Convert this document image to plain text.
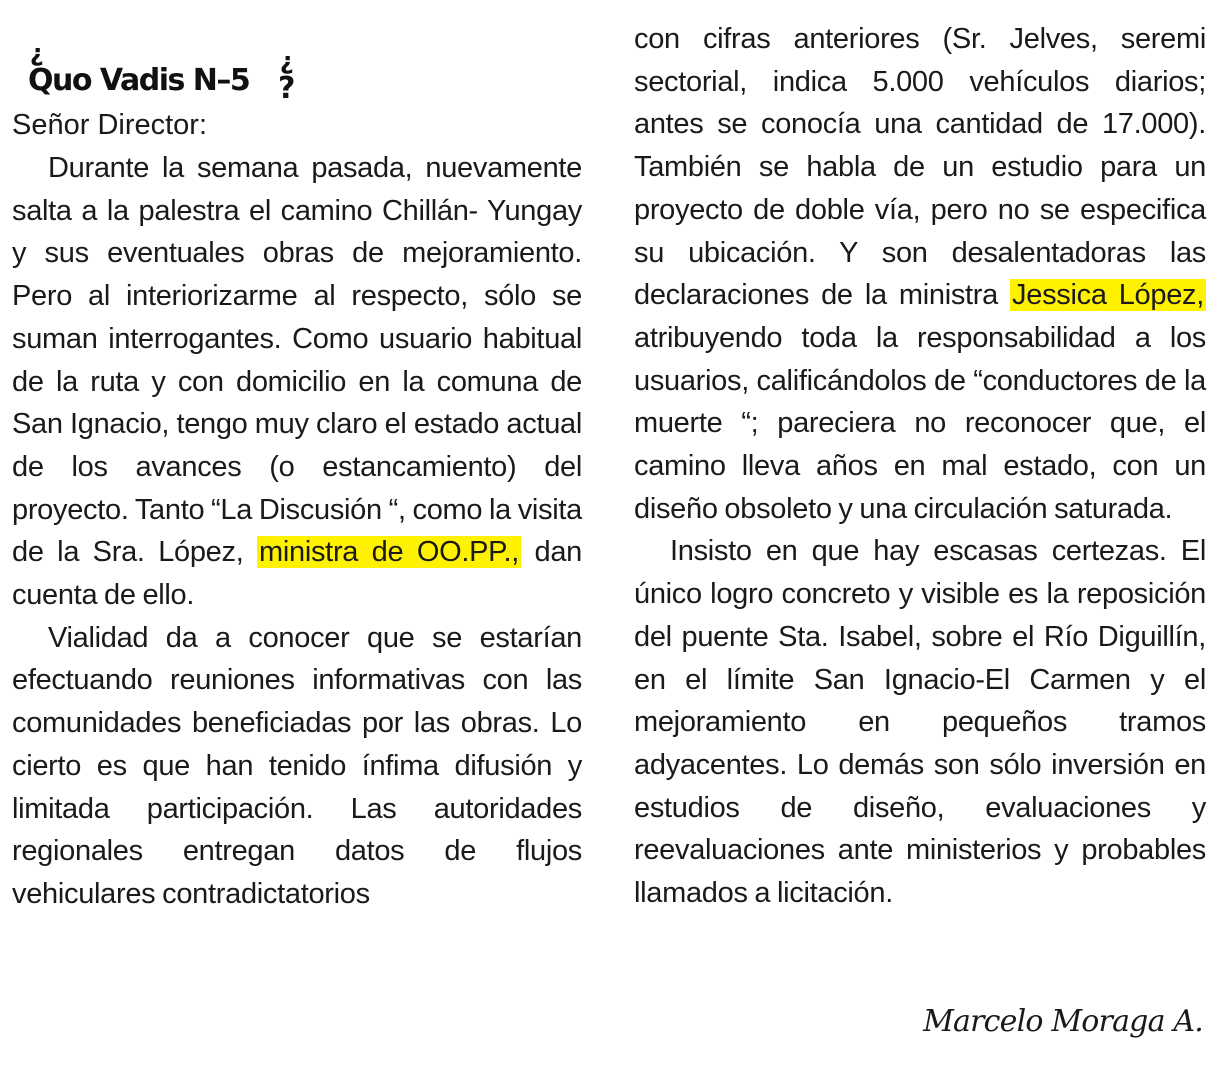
?	?
Quo Vadis N–5 ?

Señor Director:

Durante la semana pasada, nuevamente salta a la palestra el camino Chillán- Yungay y sus eventuales obras de mejoramiento. Pero al interiorizarme al respecto, sólo se suman interrogantes. Como usuario habitual de la ruta y con domicilio en la comuna de San Ignacio, tengo muy claro el estado actual de los avances (o estancamiento) del proyecto. Tanto “La Discusión “, como la visita de la Sra. López, ministra de OO.PP., dan cuenta de ello.

Vialidad da a conocer que se estarían efectuando reuniones informativas con las comunidades beneficiadas por las obras. Lo cierto es que han tenido ínfima difusión y limitada participación. Las autoridades regionales entregan datos de flujos vehiculares contradictatorios

con cifras anteriores (Sr. Jelves, seremi sectorial, indica 5.000 vehículos diarios; antes se conocía una cantidad de 17.000). También se habla de un estudio para un proyecto de doble vía, pero no se especifica su ubicación. Y son desalentadoras las declaraciones de la ministra Jessica López, atribuyendo toda la responsabilidad a los usuarios, calificándolos de “conductores de la muerte “; pareciera no reconocer que, el camino lleva años en mal estado, con un diseño obsoleto y una circulación saturada.

Insisto en que hay escasas certezas. El único logro concreto y visible es la reposición del puente Sta. Isabel, sobre el Río Diguillín, en el límite San Ignacio-El Carmen y el mejoramiento en pequeños tramos adyacentes. Lo demás son sólo inversión en estudios de diseño, evaluaciones y reevaluaciones ante ministerios y probables llamados a licitación.

Marcelo Moraga A.
